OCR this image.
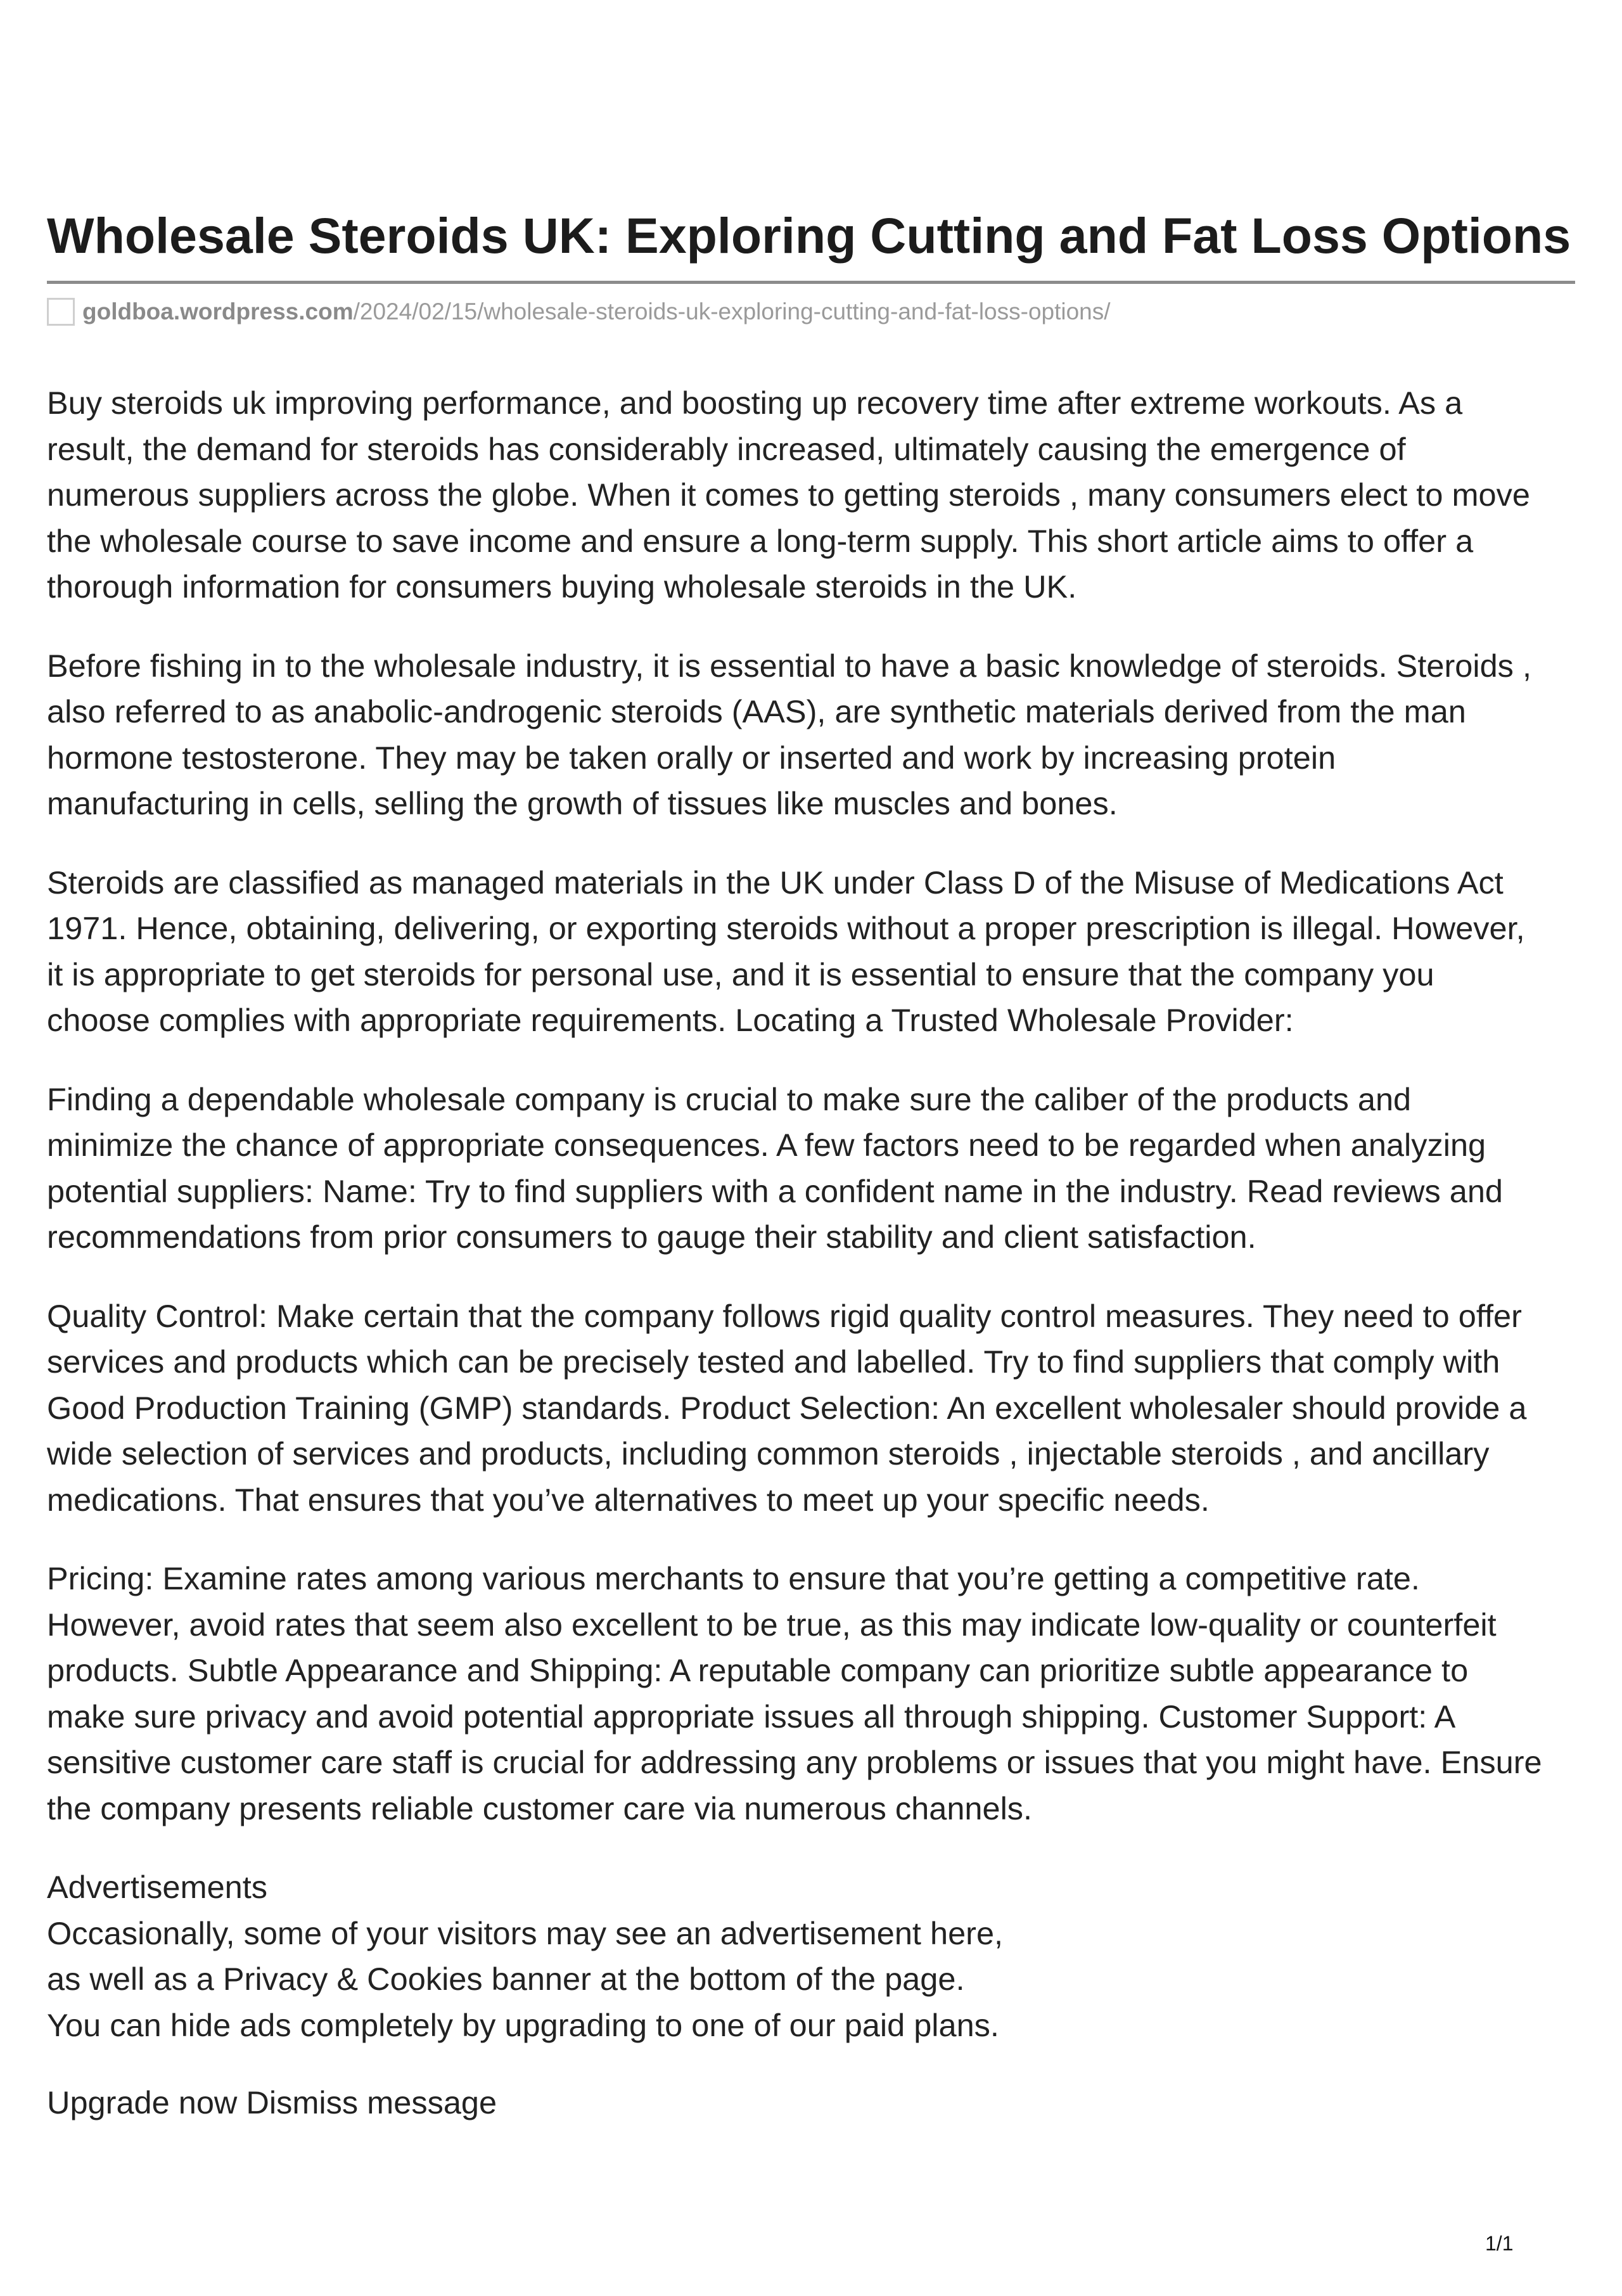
Wholesale Steroids UK: Exploring Cutting and Fat Loss Options
goldboa.wordpress.com/2024/02/15/wholesale-steroids-uk-exploring-cutting-and-fat-loss-options/

Buy steroids uk improving performance, and boosting up recovery time after extreme workouts. As a
result, the demand for steroids has considerably increased, ultimately causing the emergence of
numerous suppliers across the globe. When it comes to getting steroids , many consumers elect to move
the wholesale course to save income and ensure a long-term supply. This short article aims to offer a
thorough information for consumers buying wholesale steroids in the UK.

Before fishing in to the wholesale industry, it is essential to have a basic knowledge of steroids. Steroids ,
also referred to as anabolic-androgenic steroids (AAS), are synthetic materials derived from the man
hormone testosterone. They may be taken orally or inserted and work by increasing protein
manufacturing in cells, selling the growth of tissues like muscles and bones.

Steroids are classified as managed materials in the UK under Class D of the Misuse of Medications Act
1971. Hence, obtaining, delivering, or exporting steroids without a proper prescription is illegal. However,
it is appropriate to get steroids for personal use, and it is essential to ensure that the company you
choose complies with appropriate requirements. Locating a Trusted Wholesale Provider:

Finding a dependable wholesale company is crucial to make sure the caliber of the products and
minimize the chance of appropriate consequences. A few factors need to be regarded when analyzing
potential suppliers: Name: Try to find suppliers with a confident name in the industry. Read reviews and
recommendations from prior consumers to gauge their stability and client satisfaction.

Quality Control: Make certain that the company follows rigid quality control measures. They need to offer
services and products which can be precisely tested and labelled. Try to find suppliers that comply with
Good Production Training (GMP) standards. Product Selection: An excellent wholesaler should provide a
wide selection of services and products, including common steroids , injectable steroids , and ancillary
medications. That ensures that you’ve alternatives to meet up your specific needs.

Pricing: Examine rates among various merchants to ensure that you’re getting a competitive rate.
However, avoid rates that seem also excellent to be true, as this may indicate low-quality or counterfeit
products. Subtle Appearance and Shipping: A reputable company can prioritize subtle appearance to
make sure privacy and avoid potential appropriate issues all through shipping. Customer Support: A
sensitive customer care staff is crucial for addressing any problems or issues that you might have. Ensure
the company presents reliable customer care via numerous channels.

Advertisements
Occasionally, some of your visitors may see an advertisement here,
as well as a Privacy & Cookies banner at the bottom of the page.
You can hide ads completely by upgrading to one of our paid plans.

Upgrade now Dismiss message

1/1
